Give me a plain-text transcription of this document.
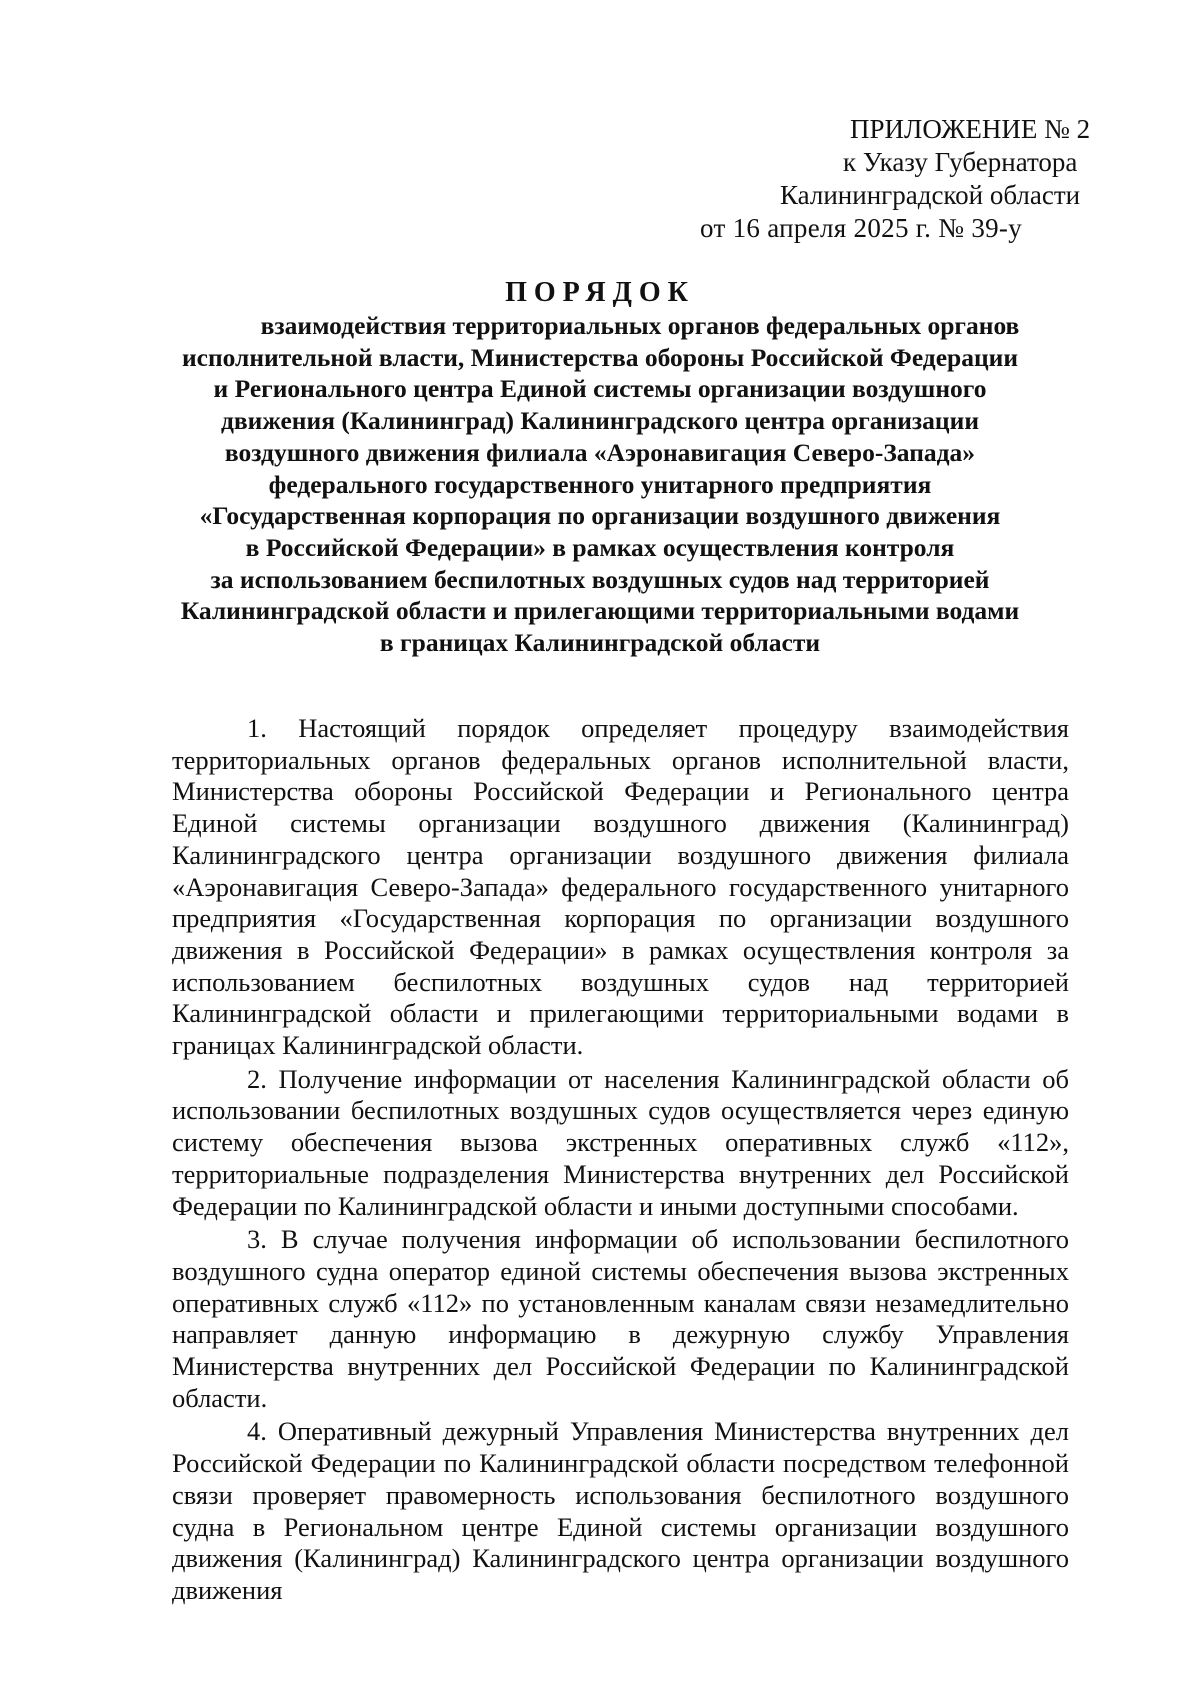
ПРИЛОЖЕНИЕ № 2
к Указу Губернатора
Калининградской области
от 16 апреля 2025 г. № 39-у
ПОРЯДОК
взаимодействия территориальных органов федеральных органов
исполнительной власти, Министерства обороны Российской Федерации
и Регионального центра Единой системы организации воздушного
движения (Калининград) Калининградского центра организации
воздушного движения филиала «Аэронавигация Северо-Запада»
федерального государственного унитарного предприятия
«Государственная корпорация по организации воздушного движения
в Российской Федерации» в рамках осуществления контроля
за использованием беспилотных воздушных судов над территорией
Калининградской области и прилегающими территориальными водами
в границах Калининградской области

1. Настоящий порядок определяет процедуру взаимодействия территориальных органов федеральных органов исполнительной власти, Министерства обороны Российской Федерации и Регионального центра Единой системы организации воздушного движения (Калининград) Калининградского центра организации воздушного движения филиала «Аэронавигация Северо-Запада» федерального государственного унитарного предприятия «Государственная корпорация по организации воздушного движения в Российской Федерации» в рамках осуществления контроля за использованием беспилотных воздушных судов над территорией Калининградской области и прилегающими территориальными водами в границах Калининградской области.

2. Получение информации от населения Калининградской области об использовании беспилотных воздушных судов осуществляется через единую систему обеспечения вызова экстренных оперативных служб «112», территориальные подразделения Министерства внутренних дел Российской Федерации по Калининградской области и иными доступными способами.

3. В случае получения информации об использовании беспилотного воздушного судна оператор единой системы обеспечения вызова экстренных оперативных служб «112» по установленным каналам связи незамедлительно направляет данную информацию в дежурную службу Управления Министерства внутренних дел Российской Федерации по Калининградской области.

4. Оперативный дежурный Управления Министерства внутренних дел Российской Федерации по Калининградской области посредством телефонной связи проверяет правомерность использования беспилотного воздушного судна в Региональном центре Единой системы организации воздушного движения (Калининград) Калининградского центра организации воздушного движения
